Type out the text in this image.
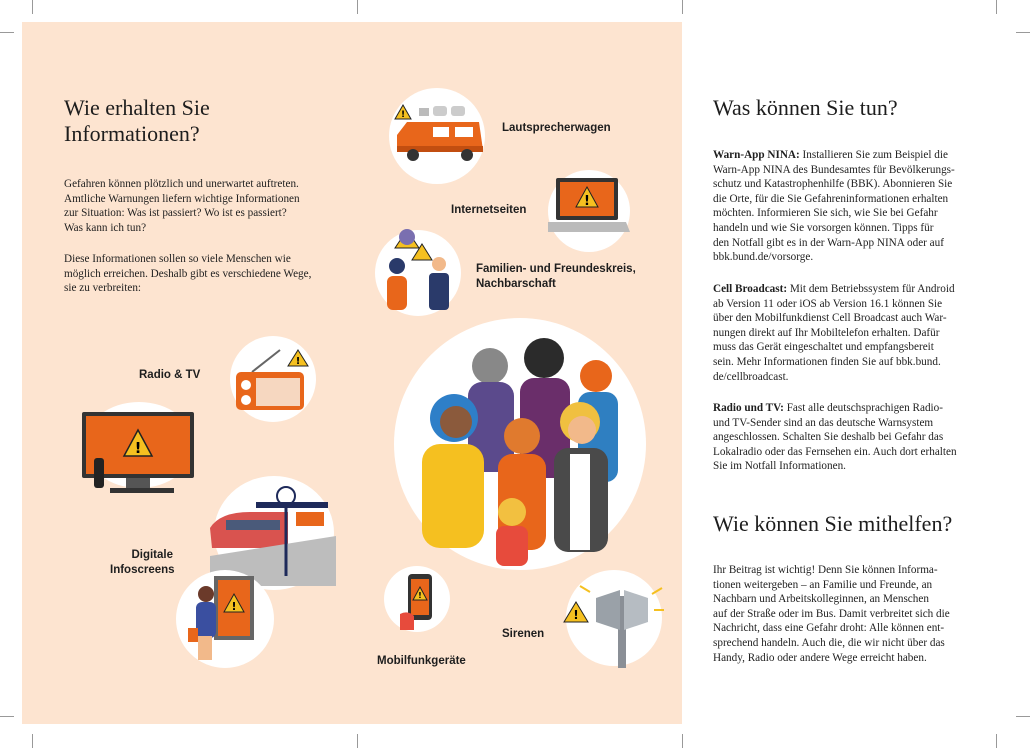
Wie erhalten Sie
Informationen?
Gefahren können plötzlich und unerwartet auftreten.
Amtliche Warnungen liefern wichtige Informationen
zur Situation: Was ist passiert? Wo ist es passiert?
Was kann ich tun?
Diese Informationen sollen so viele Menschen wie
möglich erreichen. Deshalb gibt es verschiedene Wege,
sie zu verbreiten:
!
Lautsprecherwagen
!
Internetseiten
Familien- und Freundeskreis,
Nachbarschaft
!
Radio & TV
!
Digitale

Infoscreens
!
!
Mobilfunkgeräte
!
Sirenen
Was können Sie tun?
Warn-App NINA: Installieren Sie zum Beispiel die
Warn-App NINA des Bundesamtes für Bevölkerungs-
schutz und Katastrophenhilfe (BBK). Abonnieren Sie
die Orte, für die Sie Gefahreninformationen erhalten
möchten. Informieren Sie sich, wie Sie bei Gefahr
handeln und wie Sie vorsorgen können. Tipps für
den Notfall gibt es in der Warn-App NINA oder auf
bbk.bund.de/vorsorge.
Cell Broadcast: Mit dem Betriebssystem für Android
ab Version 11 oder iOS ab Version 16.1 können Sie
über den Mobilfunkdienst Cell Broadcast auch War-
nungen direkt auf Ihr Mobiltelefon erhalten. Dafür
muss das Gerät eingeschaltet und empfangsbereit
sein. Mehr Informationen finden Sie auf bbk.bund.
de/cellbroadcast.
Radio und TV: Fast alle deutschsprachigen Radio-
und TV-Sender sind an das deutsche Warnsystem
angeschlossen. Schalten Sie deshalb bei Gefahr das
Lokalradio oder das Fernsehen ein. Auch dort erhalten
Sie im Notfall Informationen.
Wie können Sie mithelfen?
Ihr Beitrag ist wichtig! Denn Sie können Informa-
tionen weitergeben – an Familie und Freunde, an
Nachbarn und Arbeitskolleginnen, an Menschen
auf der Straße oder im Bus. Damit verbreitet sich die
Nachricht, dass eine Gefahr droht: Alle können ent-
sprechend handeln. Auch die, die wir nicht über das
Handy, Radio oder andere Wege erreicht haben.
